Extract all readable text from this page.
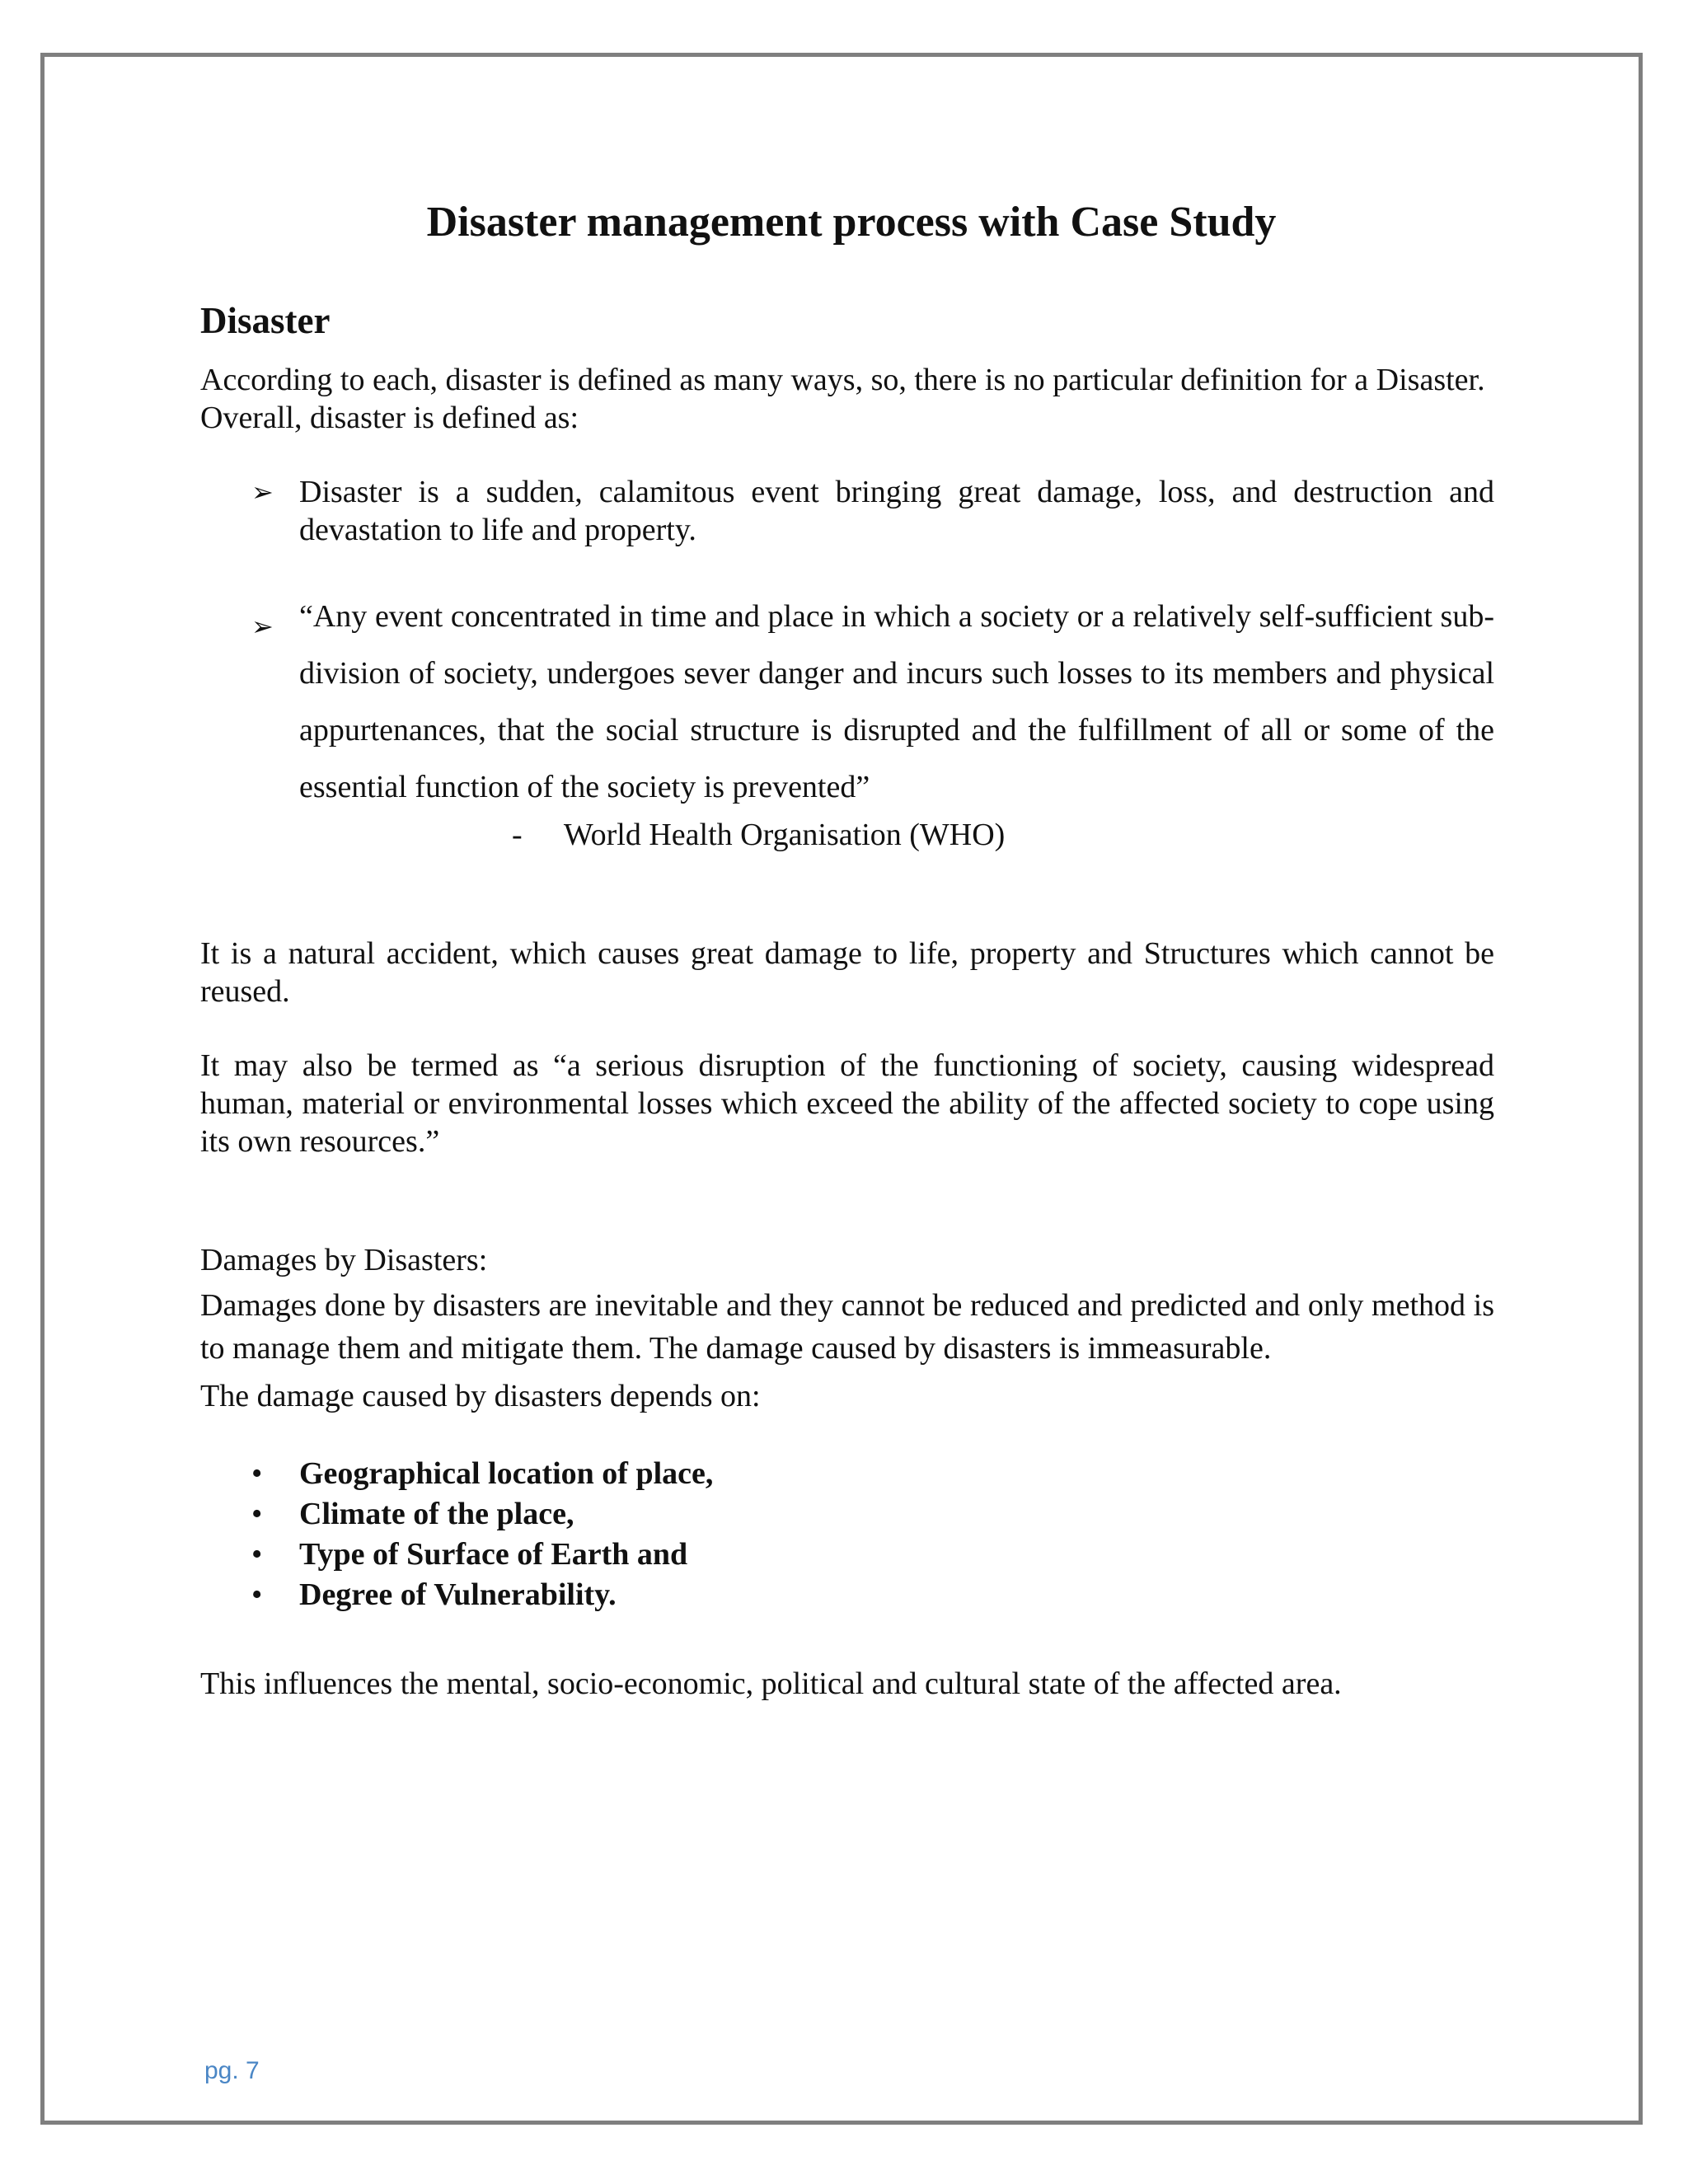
Disaster management process with Case Study
Disaster

According to each, disaster is defined as many ways, so, there is no particular definition for a Disaster.

Overall, disaster is defined as:

➢ Disaster is a sudden, calamitous event bringing great damage, loss, and destruction and devastation to life and property.
➢ “Any event concentrated in time and place in which a society or a relatively self-sufficient sub-division of society, undergoes sever danger and incurs such losses to its members and physical appurtenances, that the social structure is disrupted and the fulfillment of all or some of the essential function of the society is prevented”
- World Health Organisation (WHO)

It is a natural accident, which causes great damage to life, property and Structures which cannot be reused.

It may also be termed as “a serious disruption of the functioning of society, causing widespread human, material or environmental losses which exceed the ability of the affected society to cope using its own resources.”

Damages by Disasters:

Damages done by disasters are inevitable and they cannot be reduced and predicted and only method is to manage them and mitigate them. The damage caused by disasters is immeasurable.

The damage caused by disasters depends on:

• Geographical location of place,
• Climate of the place,
• Type of Surface of Earth and
• Degree of Vulnerability.

This influences the mental, socio-economic, political and cultural state of the affected area.

pg. 7
